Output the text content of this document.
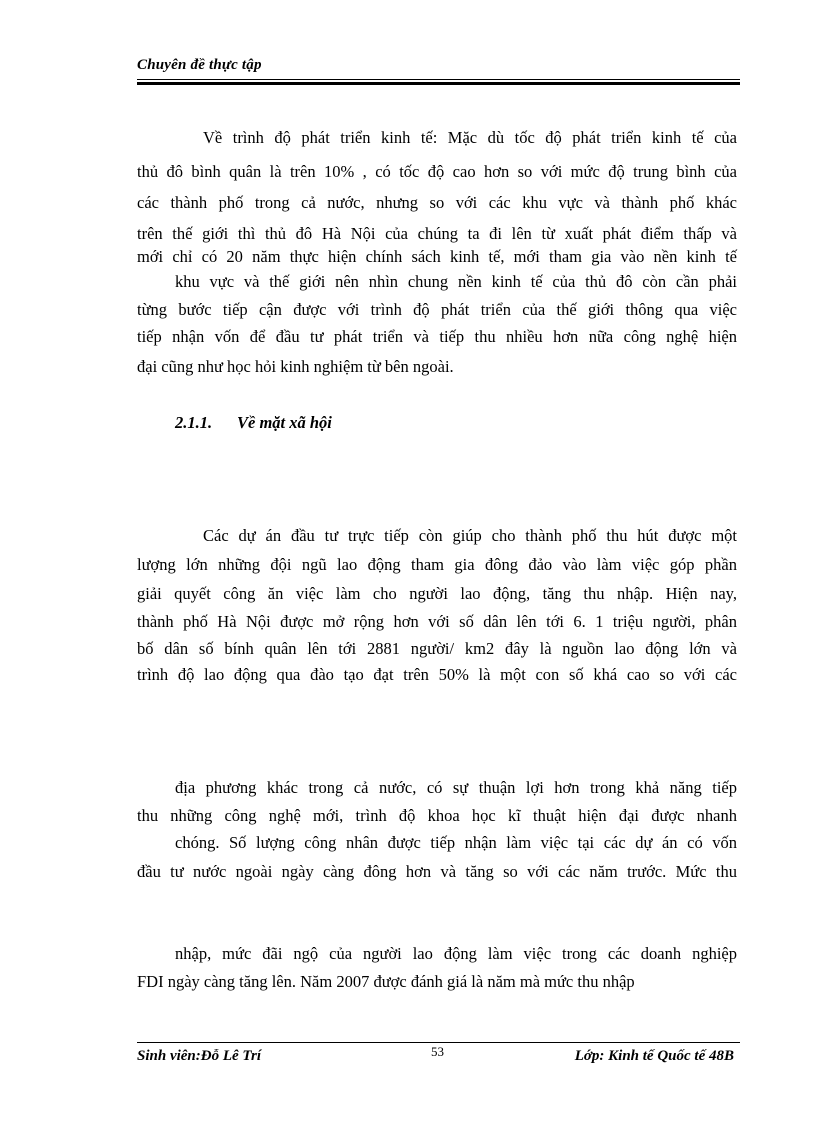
Chuyên đề thực tập
Về trình độ phát triển kinh tế: Mặc dù tốc độ phát triển kinh tế của
thủ đô bình quân là trên 10% , có tốc độ cao hơn so với mức độ trung bình của
các thành phố trong cả nước, nhưng so với các khu vực và thành phố khác
trên thế giới thì thủ đô Hà Nội của chúng ta đi lên từ xuất phát điểm thấp và
mới chỉ có 20 năm thực hiện chính sách kinh tế, mới tham gia vào nền kinh tế
khu vực và thế giới nên nhìn chung nền kinh tế của thủ đô còn cần phải
từng bước tiếp cận được với trình độ phát triển của thế giới thông qua việc
tiếp nhận vốn để đầu tư phát triển và tiếp thu nhiều hơn nữa công nghệ hiện
đại cũng như học hỏi kinh nghiệm từ bên ngoài.
2.1.1. Về mặt xã hội
Các dự án đầu tư trực tiếp còn giúp cho thành phố thu hút được một
lượng lớn những đội ngũ lao động tham gia đông đảo vào làm việc góp phần
giải quyết công ăn việc làm cho người lao động, tăng thu nhập. Hiện nay,
thành phố Hà Nội được mở rộng hơn với số dân lên tới 6. 1 triệu người, phân
bố dân số bính quân lên tới 2881 người/ km2 đây là nguồn lao động lớn và
trình độ lao động qua đào tạo đạt trên 50% là một con số khá cao so với các
địa phương khác trong cả nước, có sự thuận lợi hơn trong khả năng tiếp
thu những công nghệ mới, trình độ khoa học kĩ thuật hiện đại được nhanh
chóng. Số lượng công nhân được tiếp nhận làm việc tại các dự án có vốn
đầu tư nước ngoài ngày càng đông hơn và tăng so với các năm trước. Mức thu
nhập, mức đãi ngộ của người lao động làm việc trong các doanh nghiệp
FDI ngày càng tăng lên. Năm 2007 được đánh giá là năm mà mức thu nhập
Sinh viên:Đỗ Lê Trí	53	Lớp: Kinh tế Quốc tế 48B
